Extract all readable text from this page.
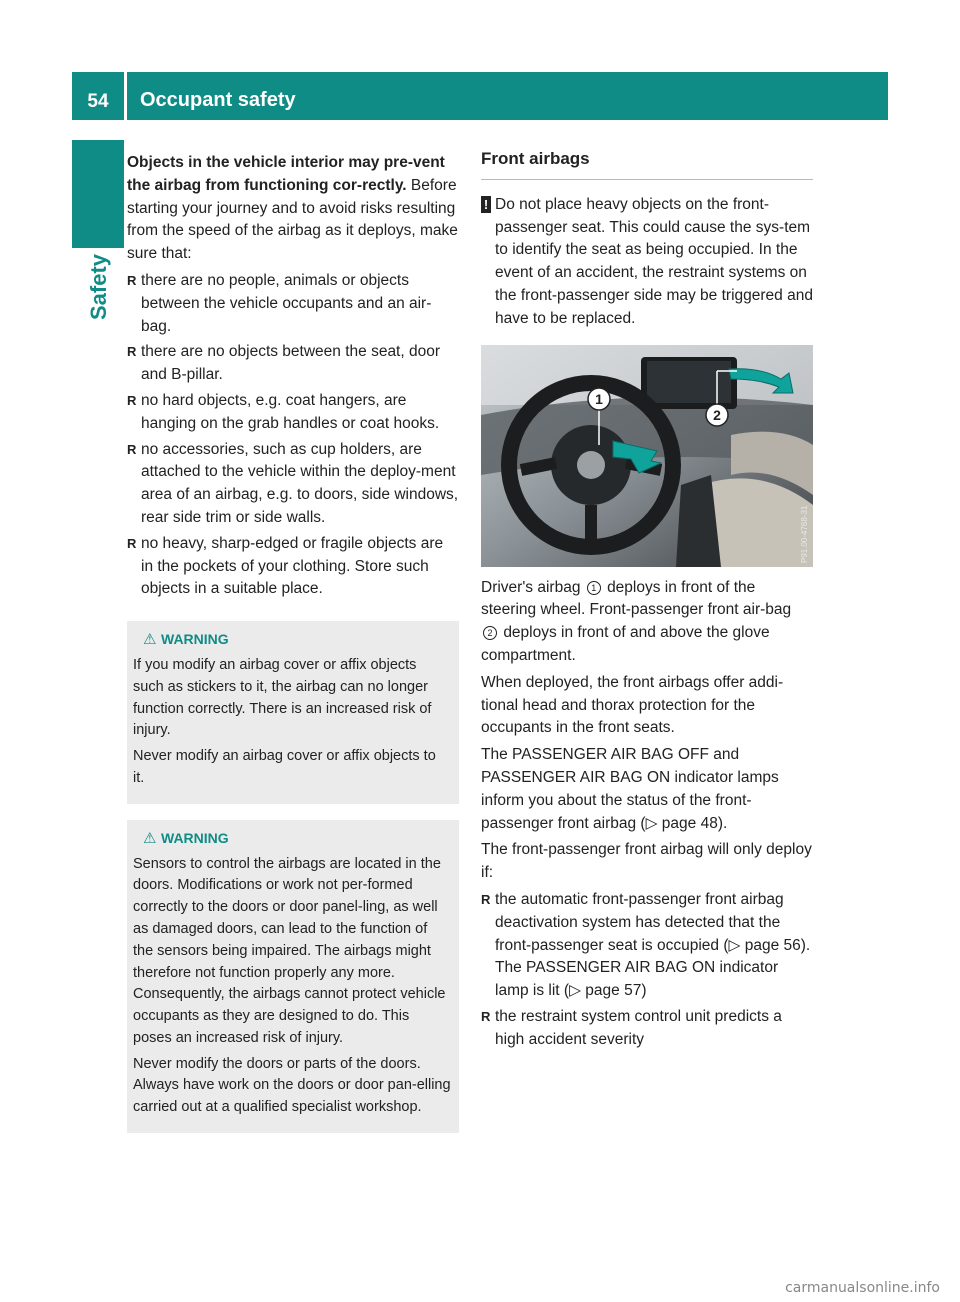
54	Occupant safety
Safety

Objects in the vehicle interior may pre-vent the airbag from functioning cor-rectly. Before starting your journey and to avoid risks resulting from the speed of the airbag as it deploys, make sure that:

R there are no people, animals or objects between the vehicle occupants and an air-bag.
R there are no objects between the seat, door and B-pillar.
R no hard objects, e.g. coat hangers, are hanging on the grab handles or coat hooks.
R no accessories, such as cup holders, are attached to the vehicle within the deploy-ment area of an airbag, e.g. to doors, side windows, rear side trim or side walls.
R no heavy, sharp-edged or fragile objects are in the pockets of your clothing. Store such objects in a suitable place.
⚠ WARNING

If you modify an airbag cover or affix objects such as stickers to it, the airbag can no longer function correctly. There is an increased risk of injury.

Never modify an airbag cover or affix objects to it.

⚠ WARNING

Sensors to control the airbags are located in the doors. Modifications or work not per-formed correctly to the doors or door panel-ling, as well as damaged doors, can lead to the function of the sensors being impaired. The airbags might therefore not function properly any more. Consequently, the airbags cannot protect vehicle occupants as they are designed to do. This poses an increased risk of injury.

Never modify the doors or parts of the doors. Always have work on the doors or door pan-elling carried out at a qualified specialist workshop.

Front airbags
! Do not place heavy objects on the front-passenger seat. This could cause the sys-tem to identify the seat as being occupied. In the event of an accident, the restraint systems on the front-passenger side may be triggered and have to be replaced.
1
2
P91.00-4768-31

Driver's airbag 1 deploys in front of the steering wheel. Front-passenger front air-bag 2 deploys in front of and above the glove compartment.

When deployed, the front airbags offer addi-tional head and thorax protection for the occupants in the front seats.

The PASSENGER AIR BAG OFF and PASSENGER AIR BAG ON indicator lamps inform you about the status of the front-passenger front airbag (▷ page 48).

The front-passenger front airbag will only deploy if:

R the automatic front-passenger front airbag deactivation system has detected that the front-passenger seat is occupied (▷ page 56). The PASSENGER AIR BAG ON indicator lamp is lit (▷ page 57)
R the restraint system control unit predicts a high accident severity
carmanualsonline.info
